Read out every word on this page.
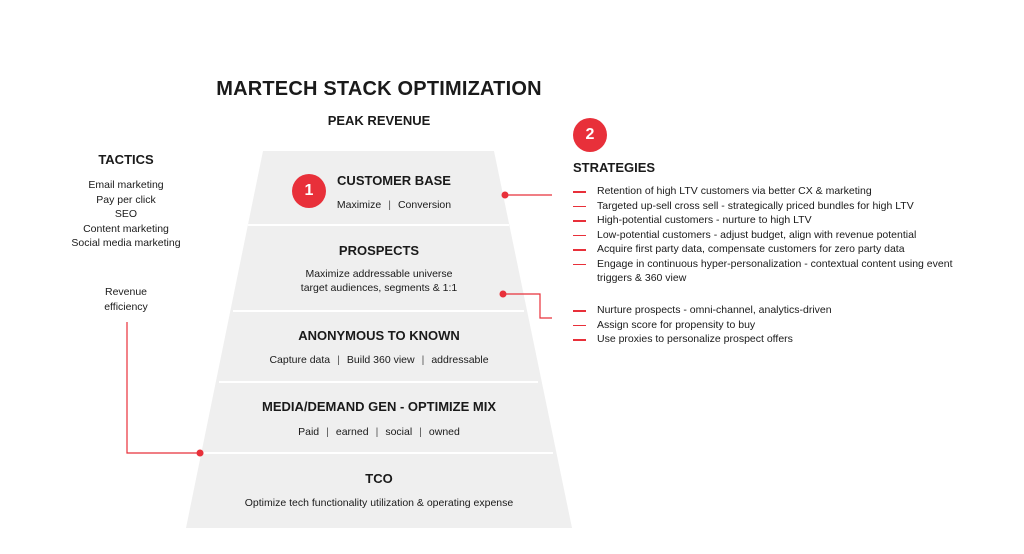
MARTECH STACK OPTIMIZATION
PEAK REVENUE
TACTICS
Email marketing
Pay per click
SEO
Content marketing
Social media marketing
Revenue
efficiency
1
2
CUSTOMER BASE
Maximize | Conversion
PROSPECTS
Maximize addressable universe
target audiences, segments & 1:1
ANONYMOUS TO KNOWN
Capture data | Build 360 view | addressable
MEDIA/DEMAND GEN - OPTIMIZE MIX
Paid | earned | social | owned
TCO
Optimize tech functionality utilization & operating expense
STRATEGIES
Retention of high LTV customers via better CX & marketing
Targeted up-sell cross sell - strategically priced bundles for high LTV
High-potential customers - nurture to high LTV
Low-potential customers - adjust budget, align with revenue potential
Acquire first party data, compensate customers for zero party data
Engage in continuous hyper-personalization - contextual content using event triggers & 360 view
Nurture prospects - omni-channel, analytics-driven
Assign score for propensity to buy
Use proxies to personalize prospect offers
